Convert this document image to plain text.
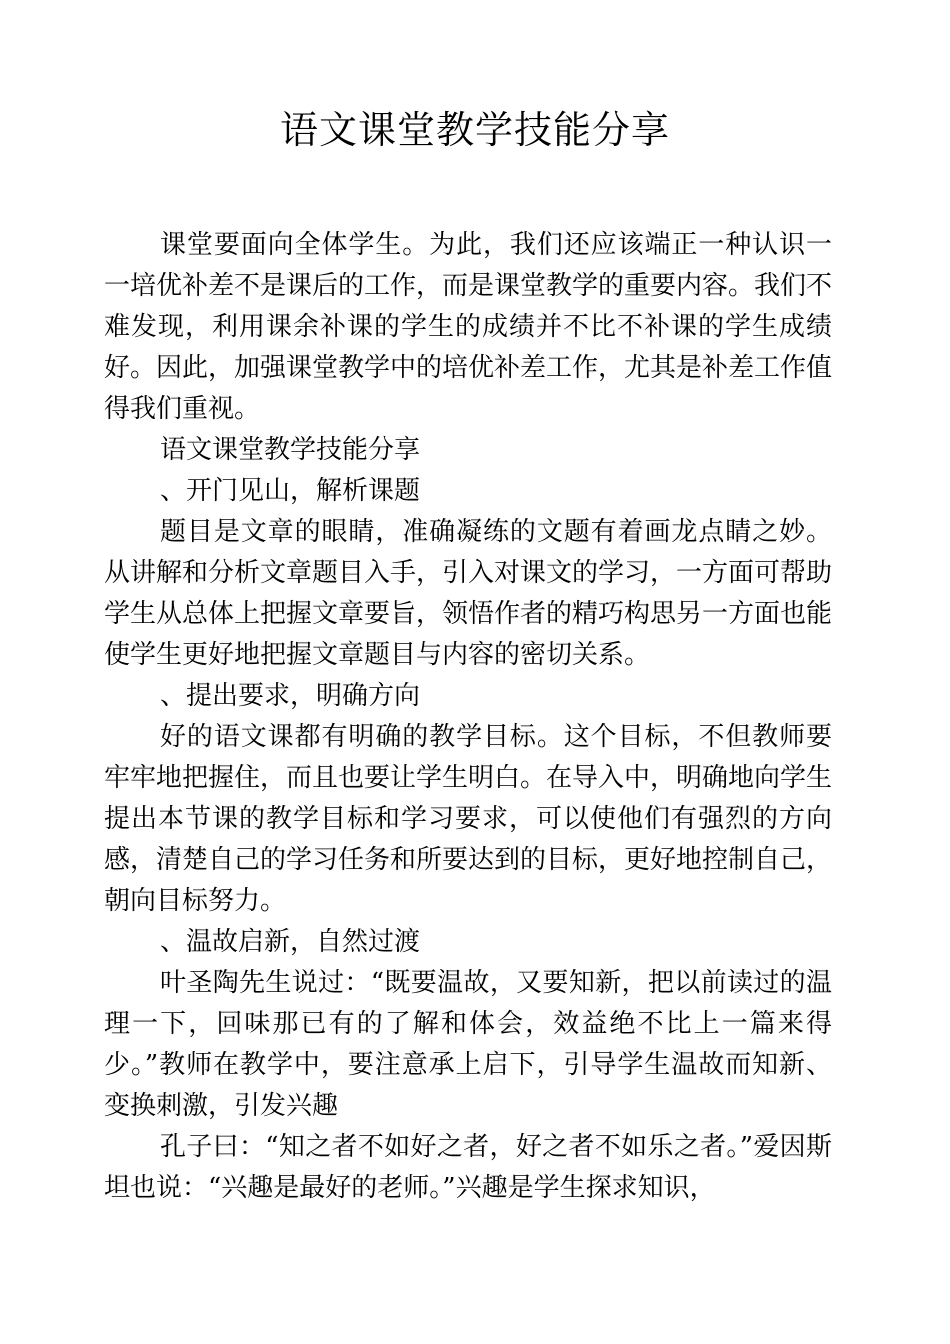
语文课堂教学技能分享

课堂要面向全体学生。为此，我们还应该端正一种认识一一培优补差不是课后的工作，而是课堂教学的重要内容。我们不难发现，利用课余补课的学生的成绩并不比不补课的学生成绩好。因此，加强课堂教学中的培优补差工作，尤其是补差工作值得我们重视。

语文课堂教学技能分享

、开门见山，解析课题

题目是文章的眼睛，准确凝练的文题有着画龙点睛之妙。从讲解和分析文章题目入手，引入对课文的学习，一方面可帮助学生从总体上把握文章要旨，领悟作者的精巧构思另一方面也能使学生更好地把握文章题目与内容的密切关系。

、提出要求，明确方向

好的语文课都有明确的教学目标。这个目标，不但教师要牢牢地把握住，而且也要让学生明白。在导入中，明确地向学生提出本节课的教学目标和学习要求，可以使他们有强烈的方向感，清楚自己的学习任务和所要达到的目标，更好地控制自己，朝向目标努力。

、温故启新，自然过渡

叶圣陶先生说过：“既要温故，又要知新，把以前读过的温理一下，回味那已有的了解和体会，效益绝不比上一篇来得少。”教师在教学中，要注意承上启下，引导学生温故而知新、变换刺激，引发兴趣

孔子曰：“知之者不如好之者，好之者不如乐之者。”爱因斯坦也说：“兴趣是最好的老师。”兴趣是学生探求知识，
